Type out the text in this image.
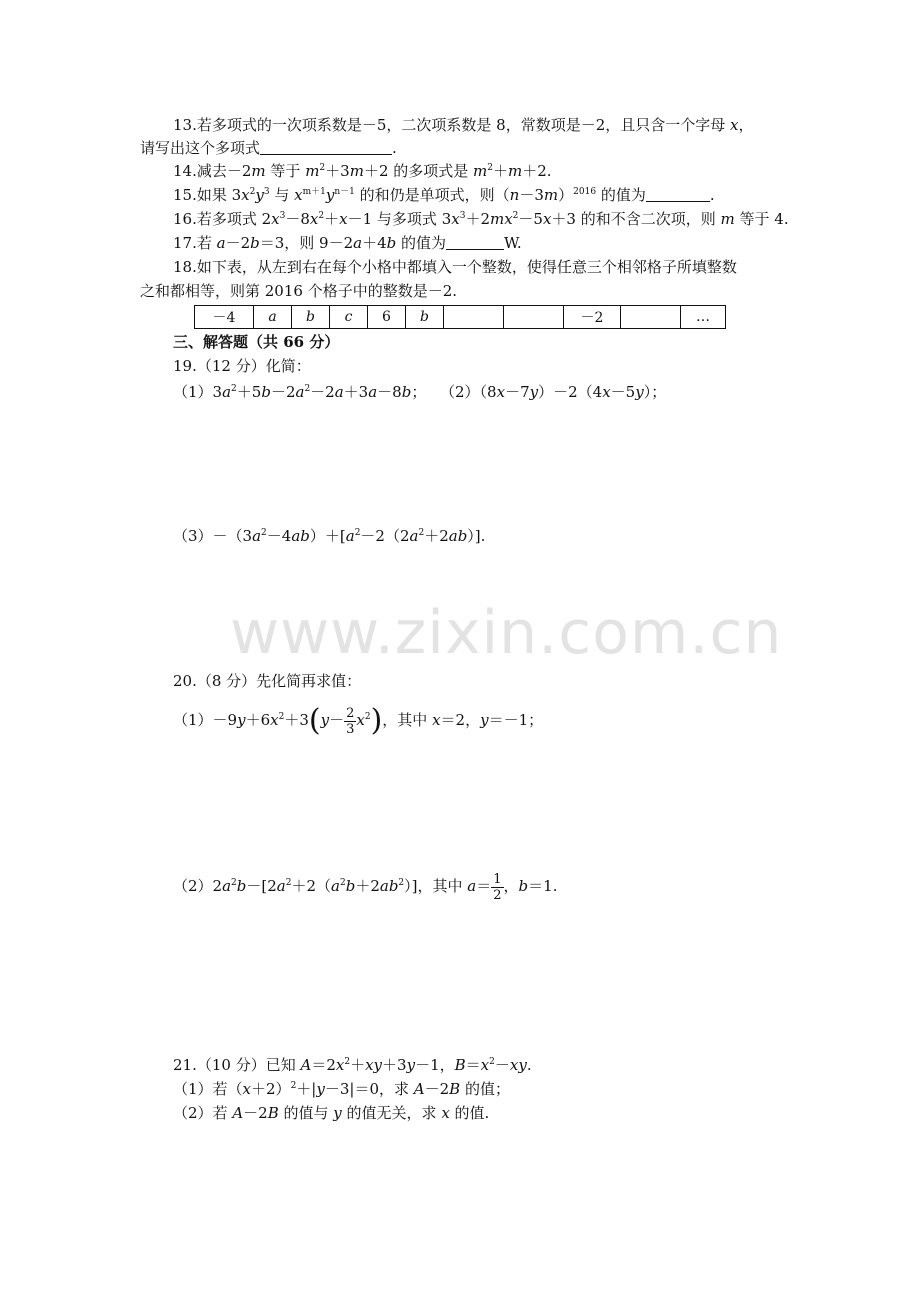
13.若多项式的一次项系数是－5，二次项系数是 8，常数项是－2，且只含一个字母 x，
请写出这个多项式	.
14.减去－2m 等于 $m^2+3m+2$ 的多项式是 $m^2+m+2$.
15.如果 $3x^2y^3$ 与 $x^{m+1}y^{n-1}$ 的和仍是单项式，则$(n-3m)^{2016}$ 的值为	.
16.若多项式 $2x^3-8x^2+x-1$ 与多项式 $3x^3+2mx^2-5x+3$ 的和不含二次项，则 m 等于 4.
17.若 a－2b＝3，则 9－2a＋4b 的值为	W.
18.如下表，从左到右在每个小格中都填入一个整数，使得任意三个相邻格子所填整数
之和都相等，则第 2016 个格子中的整数是－2.
－4	a	b	c	6	b			－2		…
三、解答题（共 66 分）
19.（12 分）化简：
$(1)3a^2+5b-2a^2-2a+3a-8b$； （2）（8x－7y）－2（4x－5y）；
$(3)-(3a^2-4ab)+[a^2-2(2a^2+2ab)]$.
www.zixin.com.cn
20.（8 分）先化简再求值：
$(1)-9y+6x^2+3(y- \frac{2}{3} x^2)$，其中 x＝2，y＝－1；
$(2)2a^2b-[2a^2+2(a^2b+2ab^2)]$，其中 $a= \frac{1}{2}$ ，b＝1.
21.（10 分）已知 $A=2x^2+xy+3y-1$，$B=x^2-xy$.
（1）若$(x+2)^2+|y-3|=0$，求 A－2B 的值；
（2）若 A－2B 的值与 y 的值无关，求 x 的值.
